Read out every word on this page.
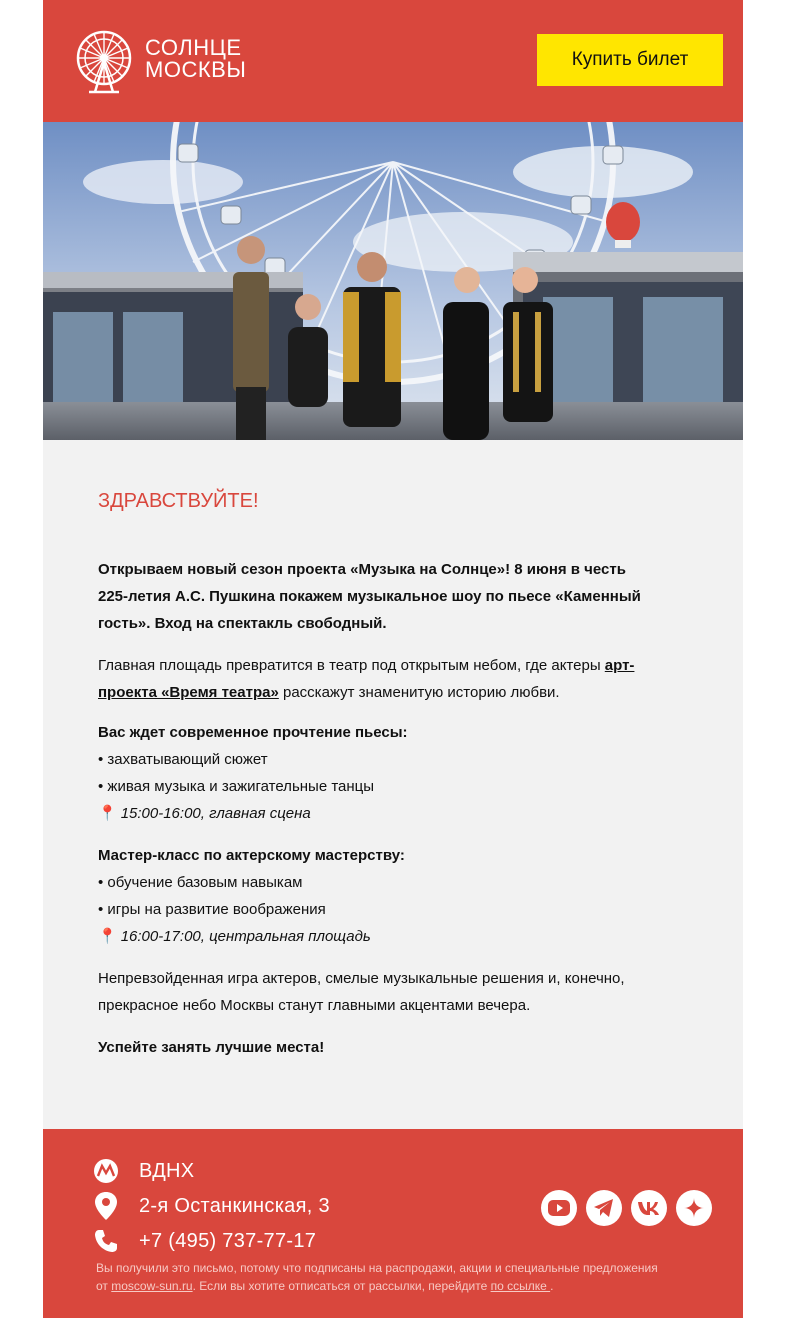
СОЛНЦЕ
МОСКВЫ	Купить билет
ЗДРАВСТВУЙТЕ!
Открываем новый сезон проекта «Музыка на Солнце»! 8 июня в честь 225-летия А.С. Пушкина покажем музыкальное шоу по пьесе «Каменный гость». Вход на спектакль свободный.
Главная площадь превратится в театр под открытым небом, где актеры арт-проекта «Время театра» расскажут знаменитую историю любви.
Вас ждет современное прочтение пьесы:
• захватывающий сюжет
• живая музыка и зажигательные танцы
📍 15:00-16:00, главная сцена
Мастер-класс по актерскому мастерству:
• обучение базовым навыкам
• игры на развитие воображения
📍 16:00-17:00, центральная площадь
Непревзойденная игра актеров, смелые музыкальные решения и, конечно, прекрасное небо Москвы станут главными акцентами вечера.
Успейте занять лучшие места!
ВДНХ
2-я Останкинская, 3
+7 (495) 737-77-17
Вы получили это письмо, потому что подписаны на распродажи, акции и специальные предложения
от moscow-sun.ru. Если вы хотите отписаться от рассылки, перейдите по ссылке .
